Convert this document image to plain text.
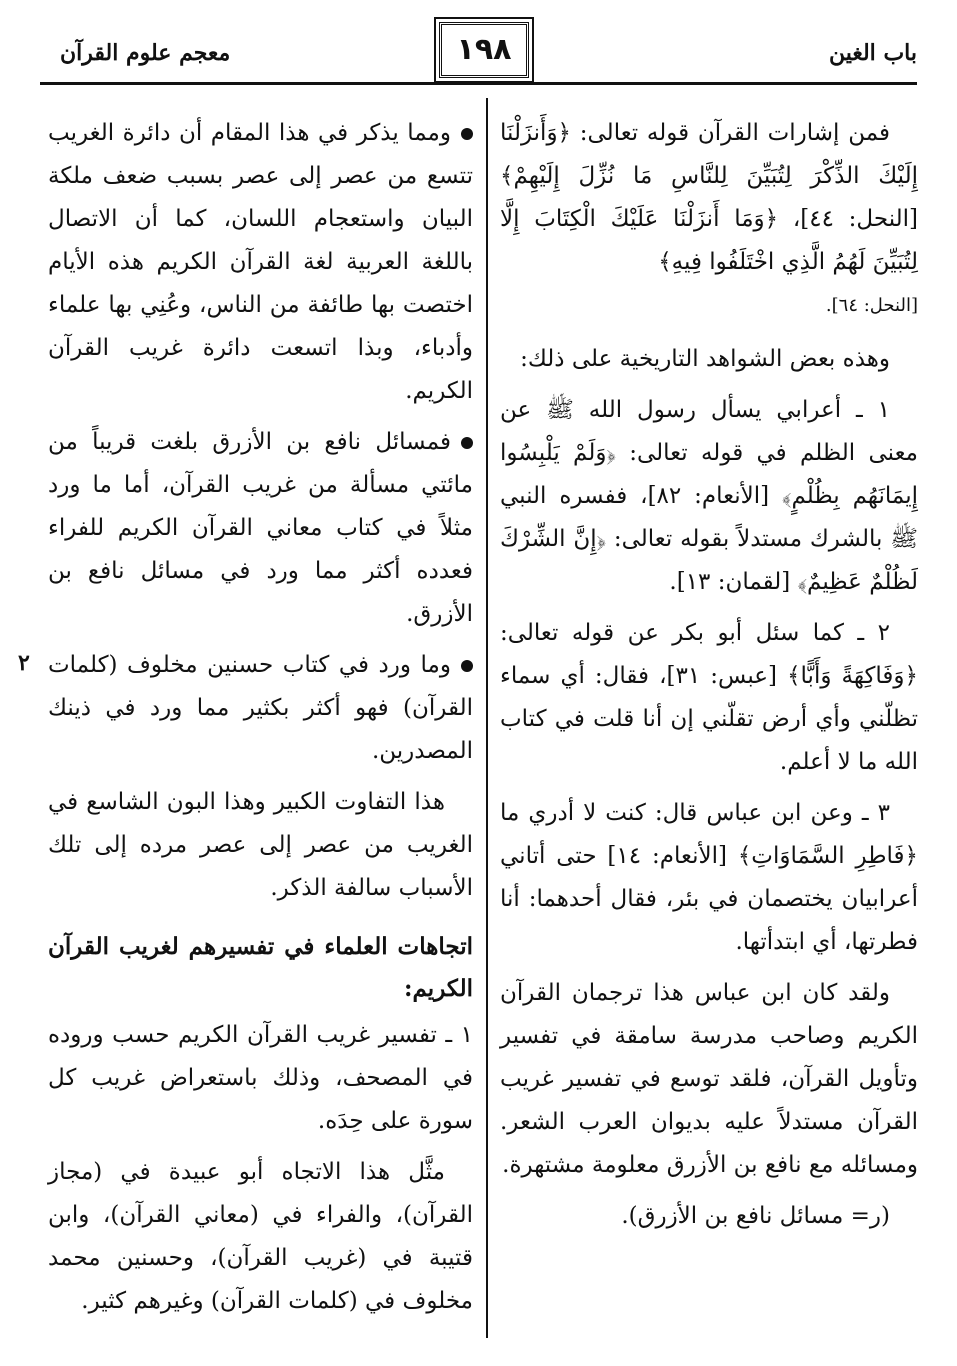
باب الغين
١٩٨
معجم علوم القرآن

فمن إشارات القرآن قوله تعالى: ﴿وَأَنزَلْنَا إِلَيْكَ الذِّكْرَ لِتُبَيِّنَ لِلنَّاسِ مَا نُزِّلَ إِلَيْهِمْ﴾ [النحل: ٤٤]، ﴿وَمَا أَنزَلْنَا عَلَيْكَ الْكِتَابَ إِلَّا لِتُبَيِّنَ لَهُمُ الَّذِي اخْتَلَفُوا فِيهِ﴾

[النحل: ٦٤].

وهذه بعض الشواهد التاريخية على ذلك:

١ ـ أعرابي يسأل رسول الله ﷺ عن معنى الظلم في قوله تعالى: ﴿وَلَمْ يَلْبِسُوا إِيمَانَهُم بِظُلْمٍ﴾ [الأنعام: ٨٢]، ففسره النبي ﷺ بالشرك مستدلاً بقوله تعالى: ﴿إِنَّ الشِّرْكَ لَظُلْمٌ عَظِيمٌ﴾ [لقمان: ١٣].

٢ ـ كما سئل أبو بكر عن قوله تعالى: ﴿وَفَاكِهَةً وَأَبًّا﴾ [عبس: ٣١]، فقال: أي سماء تظلّني وأي أرض تقلّني إن أنا قلت في كتاب الله ما لا أعلم.

٣ ـ وعن ابن عباس قال: كنت لا أدري ما ﴿فَاطِرِ السَّمَاوَاتِ﴾ [الأنعام: ١٤] حتى أتاني أعرابيان يختصمان في بئر، فقال أحدهما: أنا فطرتها، أي ابتدأتها.

ولقد كان ابن عباس هذا ترجمان القرآن الكريم وصاحب مدرسة سامقة في تفسير وتأويل القرآن، فلقد توسع في تفسير غريب القرآن مستدلاً عليه بديوان العرب الشعر. ومسائله مع نافع بن الأزرق معلومة مشتهرة.

(ر= مسائل نافع بن الأزرق).

ومما يذكر في هذا المقام أن دائرة الغريب تتسع من عصر إلى عصر بسبب ضعف ملكة البيان واستعجام اللسان، كما أن الاتصال باللغة العربية لغة القرآن الكريم هذه الأيام اختصت بها طائفة من الناس، وعُنِي بها علماء وأدباء، وبذا اتسعت دائرة غريب القرآن الكريم.

فمسائل نافع بن الأزرق بلغت قريباً من مائتي مسألة من غريب القرآن، أما ما ورد مثلاً في كتاب معاني القرآن الكريم للفراء فعدده أكثر مما ورد في مسائل نافع بن الأزرق.

وما ورد في كتاب حسنين مخلوف (كلمات القرآن) فهو أكثر بكثير مما ورد في ذينك المصدرين.

هذا التفاوت الكبير وهذا البون الشاسع في الغريب من عصر إلى عصر مرده إلى تلك الأسباب سالفة الذكر.

اتجاهات العلماء في تفسيرهم لغريب القرآن الكريم:

١ ـ تفسير غريب القرآن الكريم حسب وروده في المصحف، وذلك باستعراض غريب كل سورة على حِدَه.

مثَّل هذا الاتجاه أبو عبيدة في (مجاز القرآن)، والفراء في (معاني القرآن)، وابن قتيبة في (غريب القرآن)، وحسنين محمد مخلوف في (كلمات القرآن) وغيرهم كثير.

٢
